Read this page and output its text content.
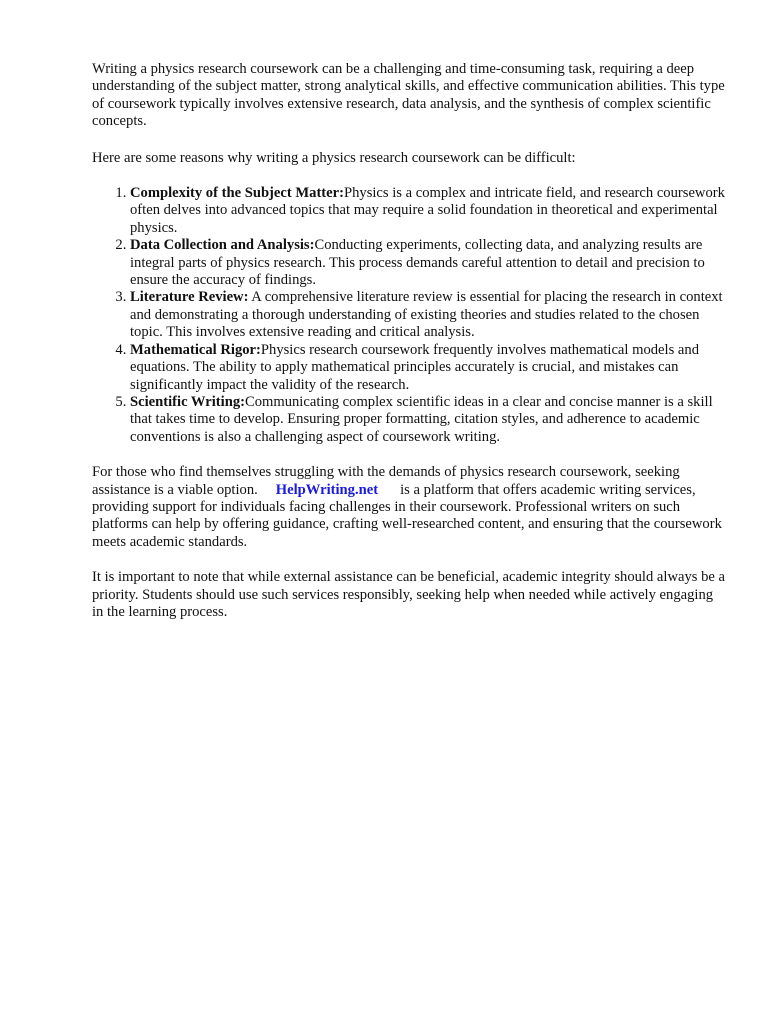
Writing a physics research coursework can be a challenging and time-consuming task, requiring a deep understanding of the subject matter, strong analytical skills, and effective communication abilities. This type of coursework typically involves extensive research, data analysis, and the synthesis of complex scientific concepts.

Here are some reasons why writing a physics research coursework can be difficult:

1. Complexity of the Subject Matter:Physics is a complex and intricate field, and research coursework often delves into advanced topics that may require a solid foundation in theoretical and experimental physics.
2. Data Collection and Analysis:Conducting experiments, collecting data, and analyzing results are integral parts of physics research. This process demands careful attention to detail and precision to ensure the accuracy of findings.
3. Literature Review: A comprehensive literature review is essential for placing the research in context and demonstrating a thorough understanding of existing theories and studies related to the chosen topic. This involves extensive reading and critical analysis.
4. Mathematical Rigor:Physics research coursework frequently involves mathematical models and equations. The ability to apply mathematical principles accurately is crucial, and mistakes can significantly impact the validity of the research.
5. Scientific Writing:Communicating complex scientific ideas in a clear and concise manner is a skill that takes time to develop. Ensuring proper formatting, citation styles, and adherence to academic conventions is also a challenging aspect of coursework writing.

For those who find themselves struggling with the demands of physics research coursework, seeking assistance is a viable option. HelpWriting.net is a platform that offers academic writing services, providing support for individuals facing challenges in their coursework. Professional writers on such platforms can help by offering guidance, crafting well-researched content, and ensuring that the coursework meets academic standards.

It is important to note that while external assistance can be beneficial, academic integrity should always be a priority. Students should use such services responsibly, seeking help when needed while actively engaging in the learning process.
